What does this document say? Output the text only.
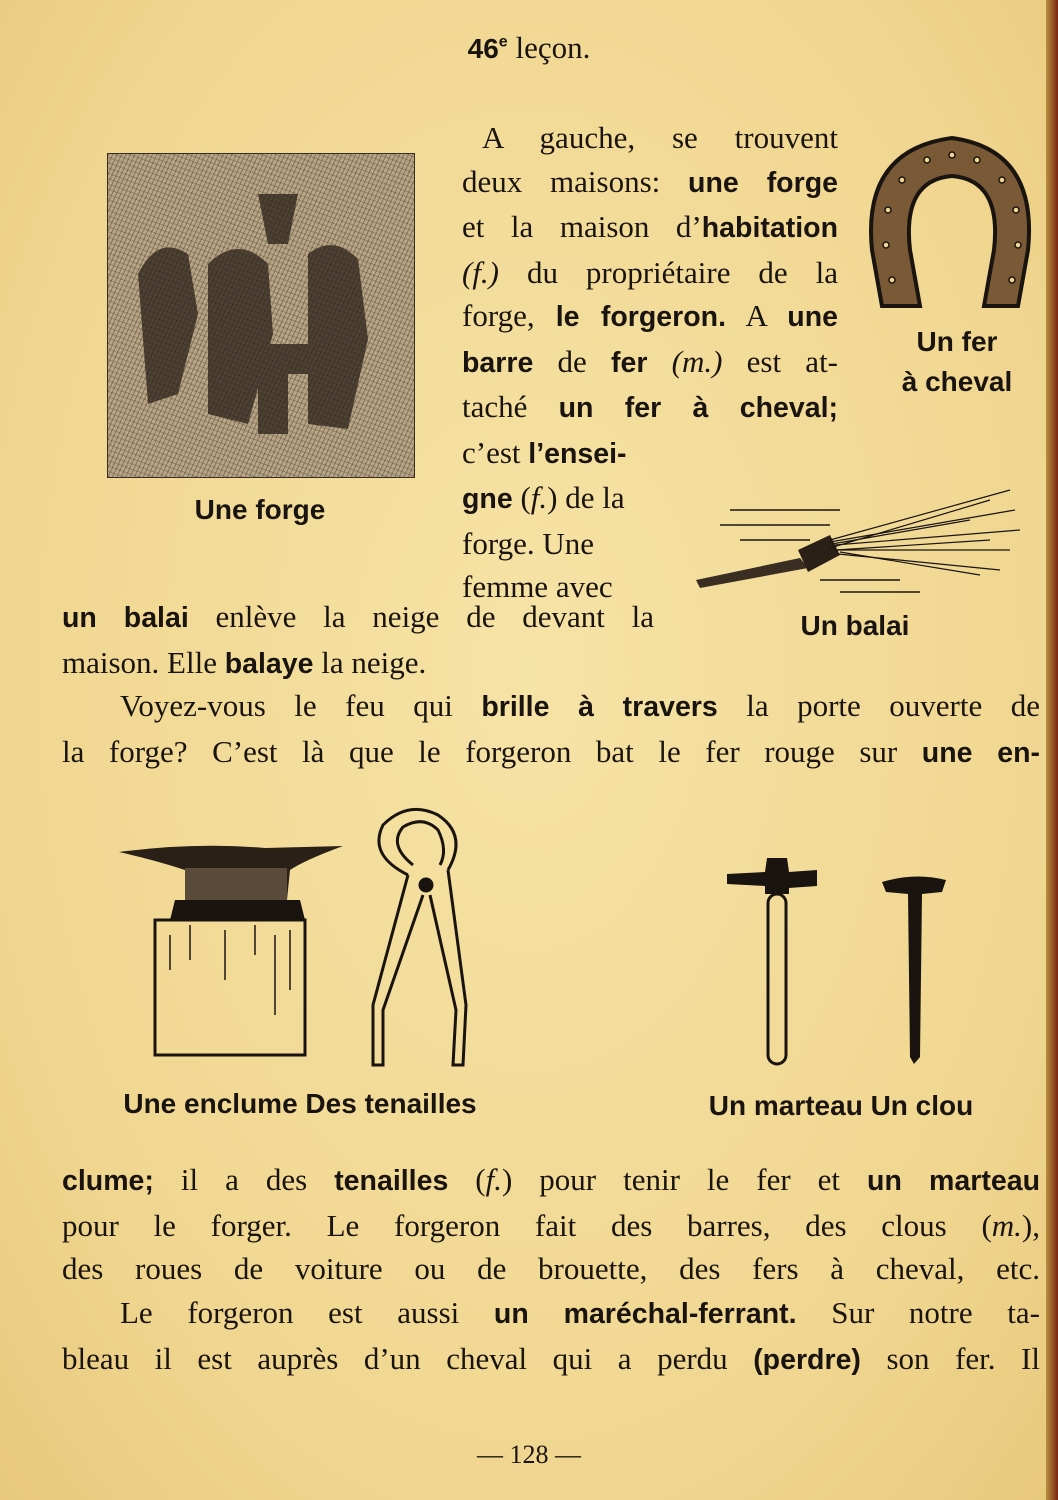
46e leçon.
Une forge
Un fer
à cheval
Un balai
A gauche, se trouvent
deux maisons: une forge
et la maison d’habitation
(f.) du propriétaire de la
forge, le forgeron. A une
barre de fer (m.) est at-
taché un fer à cheval;
c’est l’ensei-
gne (f.) de la
forge. Une
femme avec
un balai enlève la neige de devant la
maison. Elle balaye la neige.
Voyez-vous le feu qui brille à travers la porte ouverte de
la forge? C’est là que le forgeron bat le fer rouge sur une en-
Une enclume Des tenailles	Un marteau Un clou
clume; il a des tenailles (f.) pour tenir le fer et un marteau
pour le forger. Le forgeron fait des barres, des clous (m.),
des roues de voiture ou de brouette, des fers à cheval, etc.
Le forgeron est aussi un maréchal-ferrant. Sur notre ta-
bleau il est auprès d’un cheval qui a perdu (perdre) son fer. Il
— 128 —
